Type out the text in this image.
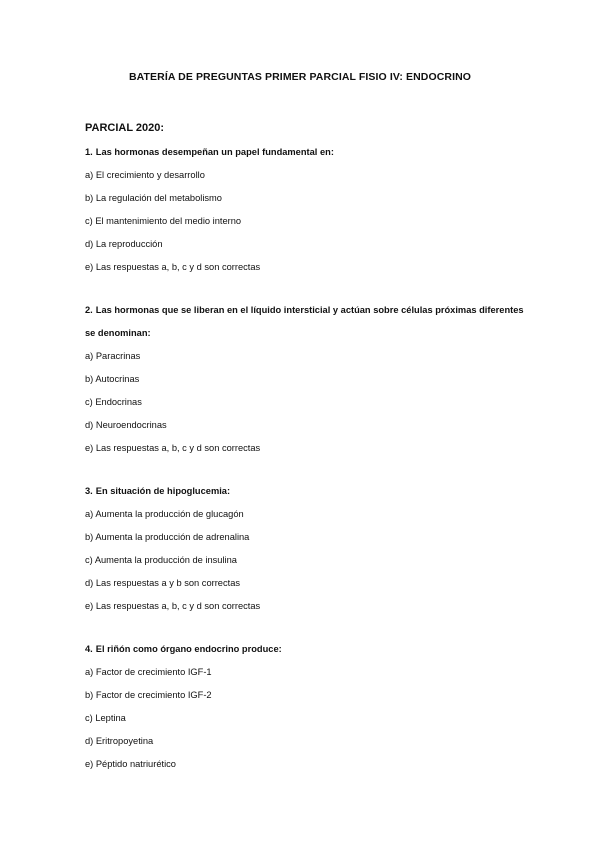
BATERÍA DE PREGUNTAS PRIMER PARCIAL FISIO IV: ENDOCRINO
PARCIAL 2020:

1. Las hormonas desempeñan un papel fundamental en:

a) El crecimiento y desarrollo
b) La regulación del metabolismo
c) El mantenimiento del medio interno
d) La reproducción
e) Las respuestas a, b, c y d son correctas

2. Las hormonas que se liberan en el líquido intersticial y actúan sobre células próximas diferentes se denominan:

a) Paracrinas
b) Autocrinas
c) Endocrinas
d) Neuroendocrinas
e) Las respuestas a, b, c y d son correctas

3. En situación de hipoglucemia:

a) Aumenta la producción de glucagón
b) Aumenta la producción de adrenalina
c) Aumenta la producción de insulina
d) Las respuestas a y b son correctas
e) Las respuestas a, b, c y d son correctas

4. El riñón como órgano endocrino produce:

a) Factor de crecimiento IGF-1
b) Factor de crecimiento IGF-2
c) Leptina
d) Eritropoyetina
e) Péptido natriurético
